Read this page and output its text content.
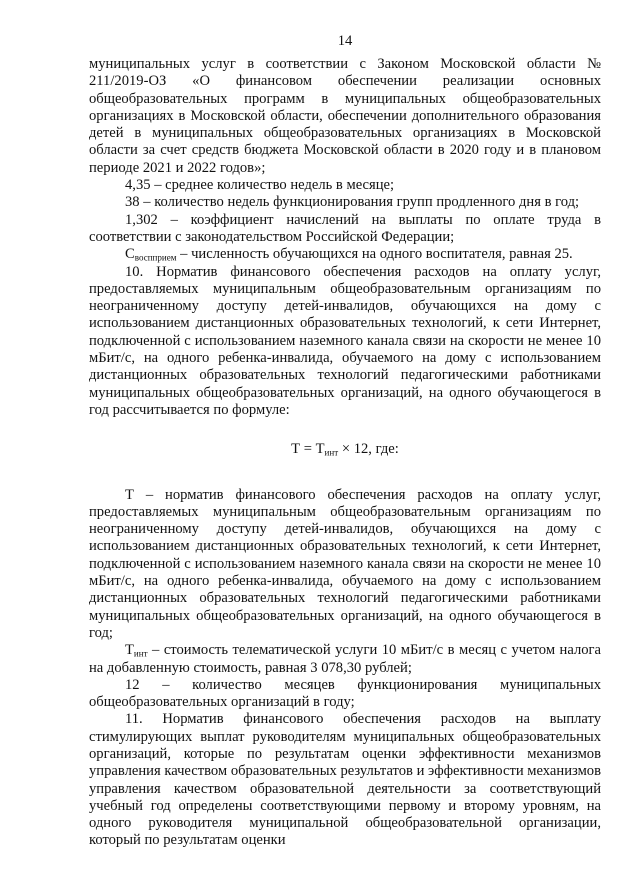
14

муниципальных услуг в соответствии с Законом Московской области № 211/2019-ОЗ «О финансовом обеспечении реализации основных общеобразовательных программ в муниципальных общеобразовательных организациях в Московской области, обеспечении дополнительного образования детей в муниципальных общеобразовательных организациях в Московской области за счет средств бюджета Московской области в 2020 году и в плановом периоде 2021 и 2022 годов»;

4,35 – среднее количество недель в месяце;

38 – количество недель функционирования групп продленного дня в год;

1,302 – коэффициент начислений на выплаты по оплате труда в соответствии с законодательством Российской Федерации;

$С_{воспприем}$ – численность обучающихся на одного воспитателя, равная 25.

10. Норматив финансового обеспечения расходов на оплату услуг, предоставляемых муниципальным общеобразовательным организациям по неограниченному доступу детей-инвалидов, обучающихся на дому с использованием дистанционных образовательных технологий, к сети Интернет, подключенной с использованием наземного канала связи на скорости не менее 10 мБит/с, на одного ребенка-инвалида, обучаемого на дому с использованием дистанционных образовательных технологий педагогическими работниками муниципальных общеобразовательных организаций, на одного обучающегося в год рассчитывается по формуле:

$Т = Т_{инт} \times 12$, где:

Т – норматив финансового обеспечения расходов на оплату услуг, предоставляемых муниципальным общеобразовательным организациям по неограниченному доступу детей-инвалидов, обучающихся на дому с использованием дистанционных образовательных технологий, к сети Интернет, подключенной с использованием наземного канала связи на скорости не менее 10 мБит/с, на одного ребенка-инвалида, обучаемого на дому с использованием дистанционных образовательных технологий педагогическими работниками муниципальных общеобразовательных организаций, на одного обучающегося в год;

$Т_{инт}$ – стоимость телематической услуги 10 мБит/с в месяц с учетом налога на добавленную стоимость, равная 3 078,30 рублей;

12 – количество месяцев функционирования муниципальных общеобразовательных организаций в году;

11. Норматив финансового обеспечения расходов на выплату стимулирующих выплат руководителям муниципальных общеобразовательных организаций, которые по результатам оценки эффективности механизмов управления качеством образовательных результатов и эффективности механизмов управления качеством образовательной деятельности за соответствующий учебный год определены соответствующими первому и второму уровням, на одного руководителя муниципальной общеобразовательной организации, который по результатам оценки
